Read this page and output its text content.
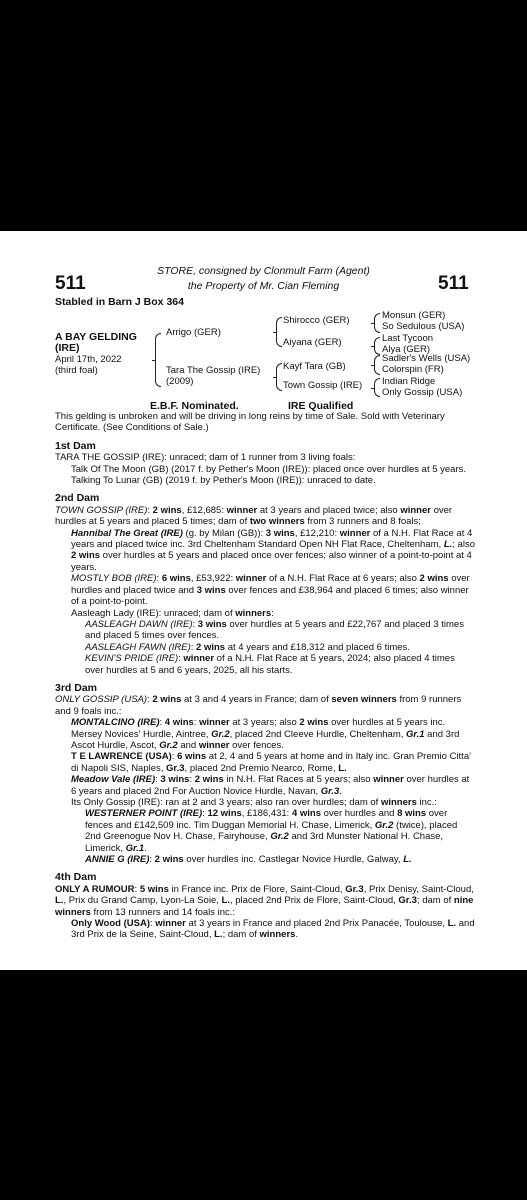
STORE, consigned by Clonmult Farm (Agent)
the Property of Mr. Cian Fleming
511	511
Stabled in Barn J Box 364
A BAY GELDING
(IRE)
April 17th, 2022
(third foal)
Arrigo (GER)
Tara The Gossip (IRE)
(2009)
Shirocco (GER)
Aiyana (GER)
Kayf Tara (GB)
Town Gossip (IRE)
Monsun (GER)
So Sedulous (USA)
Last Tycoon
Alya (GER)
Sadler's Wells (USA)
Colorspin (FR)
Indian Ridge
Only Gossip (USA)
E.B.F. Nominated.	IRE Qualified

This gelding is unbroken and will be driving in long reins by time of Sale. Sold with Veterinary Certificate. (See Conditions of Sale.)

1st Dam

TARA THE GOSSIP (IRE): unraced; dam of 1 runner from 3 living foals:

Talk Of The Moon (GB) (2017 f. by Pether's Moon (IRE)): placed once over hurdles at 5 years.

Talking To Lunar (GB) (2019 f. by Pether's Moon (IRE)): unraced to date.

2nd Dam

TOWN GOSSIP (IRE): 2 wins, £12,685: winner at 3 years and placed twice; also winner over hurdles at 5 years and placed 5 times; dam of two winners from 3 runners and 8 foals;

Hannibal The Great (IRE) (g. by Milan (GB)): 3 wins, £12,210: winner of a N.H. Flat Race at 4 years and placed twice inc. 3rd Cheltenham Standard Open NH Flat Race, Cheltenham, L.; also 2 wins over hurdles at 5 years and placed once over fences; also winner of a point-to-point at 4 years.

MOSTLY BOB (IRE): 6 wins, £53,922: winner of a N.H. Flat Race at 6 years; also 2 wins over hurdles and placed twice and 3 wins over fences and £38,964 and placed 6 times; also winner of a point-to-point.

Aasleagh Lady (IRE): unraced; dam of winners:

AASLEAGH DAWN (IRE): 3 wins over hurdles at 5 years and £22,767 and placed 3 times and placed 5 times over fences.

AASLEAGH FAWN (IRE): 2 wins at 4 years and £18,312 and placed 6 times.

KEVIN'S PRIDE (IRE): winner of a N.H. Flat Race at 5 years, 2024; also placed 4 times over hurdles at 5 and 6 years, 2025, all his starts.

3rd Dam

ONLY GOSSIP (USA): 2 wins at 3 and 4 years in France; dam of seven winners from 9 runners and 9 foals inc.:

MONTALCINO (IRE): 4 wins: winner at 3 years; also 2 wins over hurdles at 5 years inc. Mersey Novices' Hurdle, Aintree, Gr.2, placed 2nd Cleeve Hurdle, Cheltenham, Gr.1 and 3rd Ascot Hurdle, Ascot, Gr.2 and winner over fences.

T E LAWRENCE (USA): 6 wins at 2, 4 and 5 years at home and in Italy inc. Gran Premio Citta' di Napoli SIS, Naples, Gr.3, placed 2nd Premio Nearco, Rome, L.

Meadow Vale (IRE): 3 wins: 2 wins in N.H. Flat Races at 5 years; also winner over hurdles at 6 years and placed 2nd For Auction Novice Hurdle, Navan, Gr.3.

Its Only Gossip (IRE): ran at 2 and 3 years; also ran over hurdles; dam of winners inc.:

WESTERNER POINT (IRE): 12 wins, £186,431: 4 wins over hurdles and 8 wins over fences and £142,509 inc. Tim Duggan Memorial H. Chase, Limerick, Gr.2 (twice), placed 2nd Greenogue Nov H. Chase, Fairyhouse, Gr.2 and 3rd Munster National H. Chase, Limerick, Gr.1.

ANNIE G (IRE): 2 wins over hurdles inc. Castlegar Novice Hurdle, Galway, L.

4th Dam

ONLY A RUMOUR: 5 wins in France inc. Prix de Flore, Saint-Cloud, Gr.3, Prix Denisy, Saint-Cloud, L., Prix du Grand Camp, Lyon-La Soie, L., placed 2nd Prix de Flore, Saint-Cloud, Gr.3; dam of nine winners from 13 runners and 14 foals inc.:

Only Wood (USA): winner at 3 years in France and placed 2nd Prix Panacée, Toulouse, L. and 3rd Prix de la Seine, Saint-Cloud, L.; dam of winners.
